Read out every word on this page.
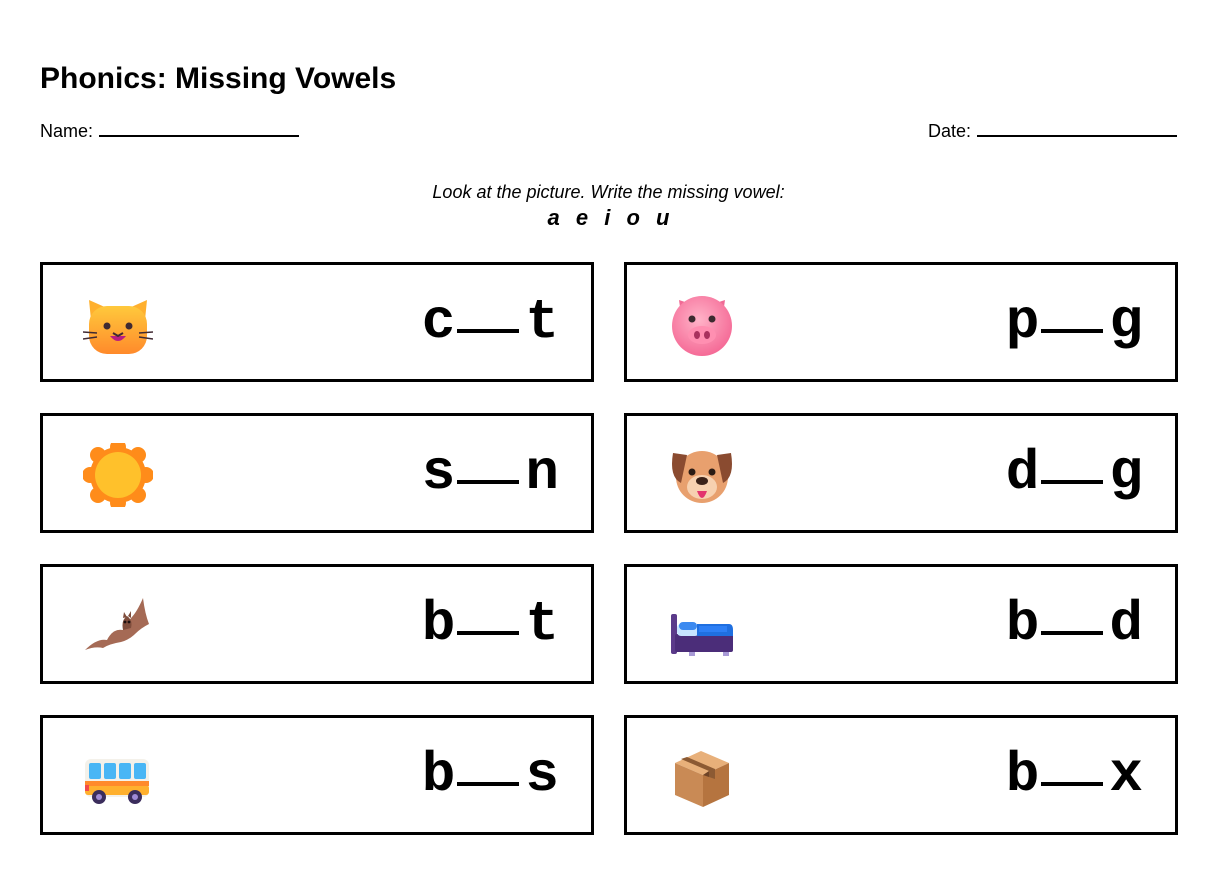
Phonics: Missing Vowels
Name:	Date:
Look at the picture. Write the missing vowel:
a e i o u
c t	p g
s n	d g
b t	b d
b s	b x
